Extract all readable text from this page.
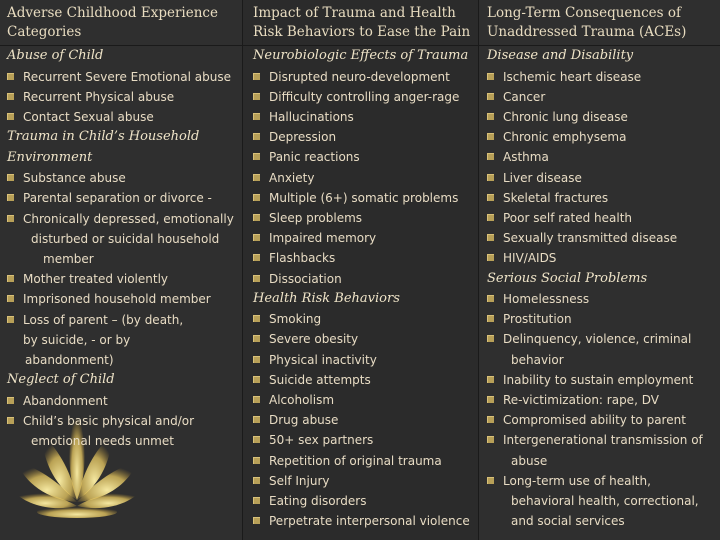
Adverse Childhood Experience
Categories
Abuse of Child
Recurrent Severe Emotional abuse
Recurrent Physical abuse
Contact Sexual abuse
Trauma in Child’s Household
Environment
Substance abuse
Parental separation or divorce -
Chronically depressed, emotionally
disturbed or suicidal household
member
Mother treated violently
Imprisoned household member
Loss of parent – (by death,
by suicide, - or by
abandonment)
Neglect of Child
Abandonment
Child’s basic physical and/or
emotional needs unmet
Impact of Trauma and Health
Risk Behaviors to Ease the Pain
Neurobiologic Effects of Trauma
Disrupted neuro-development
Difficulty controlling anger-rage
Hallucinations
Depression
Panic reactions
Anxiety
Multiple (6+) somatic problems
Sleep problems
Impaired memory
Flashbacks
Dissociation
Health Risk Behaviors
Smoking
Severe obesity
Physical inactivity
Suicide attempts
Alcoholism
Drug abuse
50+ sex partners
Repetition of original trauma
Self Injury
Eating disorders
Perpetrate interpersonal violence
Long-Term Consequences of
Unaddressed Trauma (ACEs)
Disease and Disability
Ischemic heart disease
Cancer
Chronic lung disease
Chronic emphysema
Asthma
Liver disease
Skeletal fractures
Poor self rated health
Sexually transmitted disease
HIV/AIDS
Serious Social Problems
Homelessness
Prostitution
Delinquency, violence, criminal
behavior
Inability to sustain employment
Re-victimization: rape, DV
Compromised ability to parent
Intergenerational transmission of
abuse
Long-term use of health,
behavioral health, correctional,
and social services
